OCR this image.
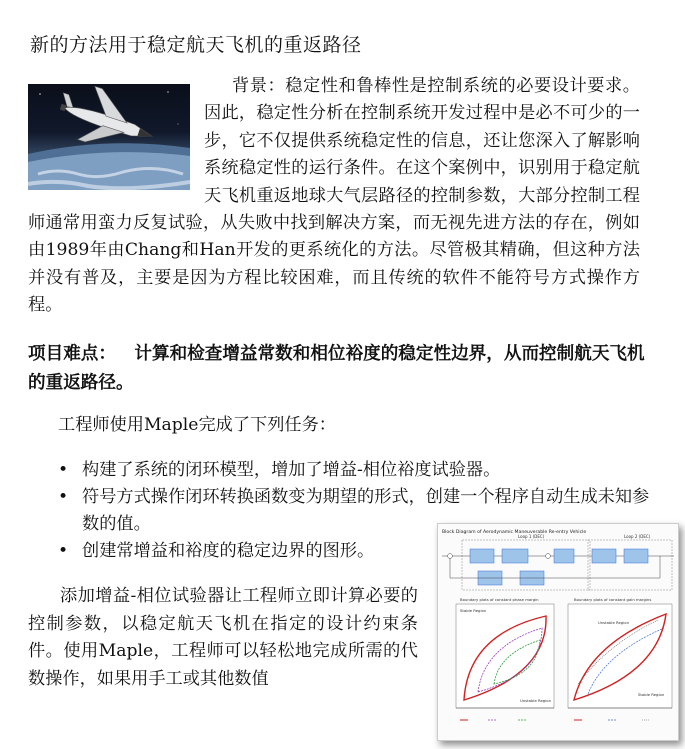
新的方法用于稳定航天飞机的重返路径
背景：稳定性和鲁棒性是控制系统的必要设计要求。因此，稳定性分析在控制系统开发过程中是必不可少的一步，它不仅提供系统稳定性的信息，还让您深入了解影响系统稳定性的运行条件。在这个案例中，识别用于稳定航天飞机重返地球大气层路径的控制参数，大部分控制工程师通常用蛮力反复试验，从失败中找到解决方案，而无视先进方法的存在，例如由1989年由Chang和Han开发的更系统化的方法。尽管极其精确，但这种方法并没有普及，主要是因为方程比较困难，而且传统的软件不能符号方式操作方程。
项目难点： 计算和检查增益常数和相位裕度的稳定性边界，从而控制航天飞机的重返路径。
工程师使用Maple完成了下列任务：
• 构建了系统的闭环模型，增加了增益-相位裕度试验器。
• 符号方式操作闭环转换函数变为期望的形式，创建一个程序自动生成未知参数的值。
• 创建常增益和裕度的稳定边界的图形。
添加增益-相位试验器让工程师立即计算必要的控制参数，以稳定航天飞机在指定的设计约束条件。使用Maple，工程师可以轻松地完成所需的代数操作，如果用手工或其他数值
Block Diagram of Aerodynamic Maneuverable Re-entry Vehicle
Loop 1 (DEC)	Loop 2 (DEC)
Boundary plots of constant phase margin
Stable Region
Unstable Region
Boundary plots of constant gain margins
Unstable Region
Stable Region
